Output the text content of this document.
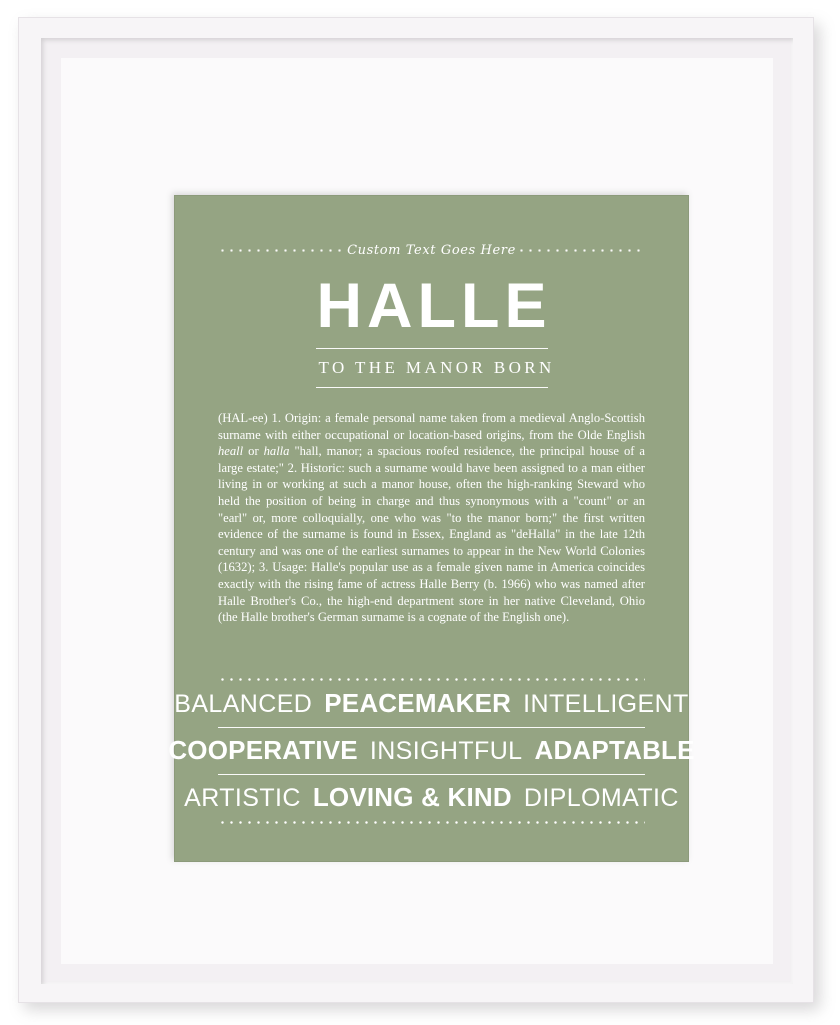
Custom Text Goes Here
HALLE
TO THE MANOR BORN
(HAL-ee) 1. Origin: a female personal name taken from a medieval Anglo-Scottish surname with either occupational or location-based origins, from the Olde English heall or halla "hall, manor; a spacious roofed residence, the principal house of a large estate;" 2. Historic: such a surname would have been assigned to a man either living in or working at such a manor house, often the high-ranking Steward who held the position of being in charge and thus synonymous with a "count" or an "earl" or, more colloquially, one who was "to the manor born;" the first written evidence of the surname is found in Essex, England as "deHalla" in the late 12th century and was one of the earliest surnames to appear in the New World Colonies (1632); 3. Usage: Halle's popular use as a female given name in America coincides exactly with the rising fame of actress Halle Berry (b. 1966) who was named after Halle Brother's Co., the high-end department store in her native Cleveland, Ohio (the Halle brother's German surname is a cognate of the English one).
BALANCED PEACEMAKER INTELLIGENT
COOPERATIVE INSIGHTFUL ADAPTABLE
ARTISTIC LOVING & KIND DIPLOMATIC
